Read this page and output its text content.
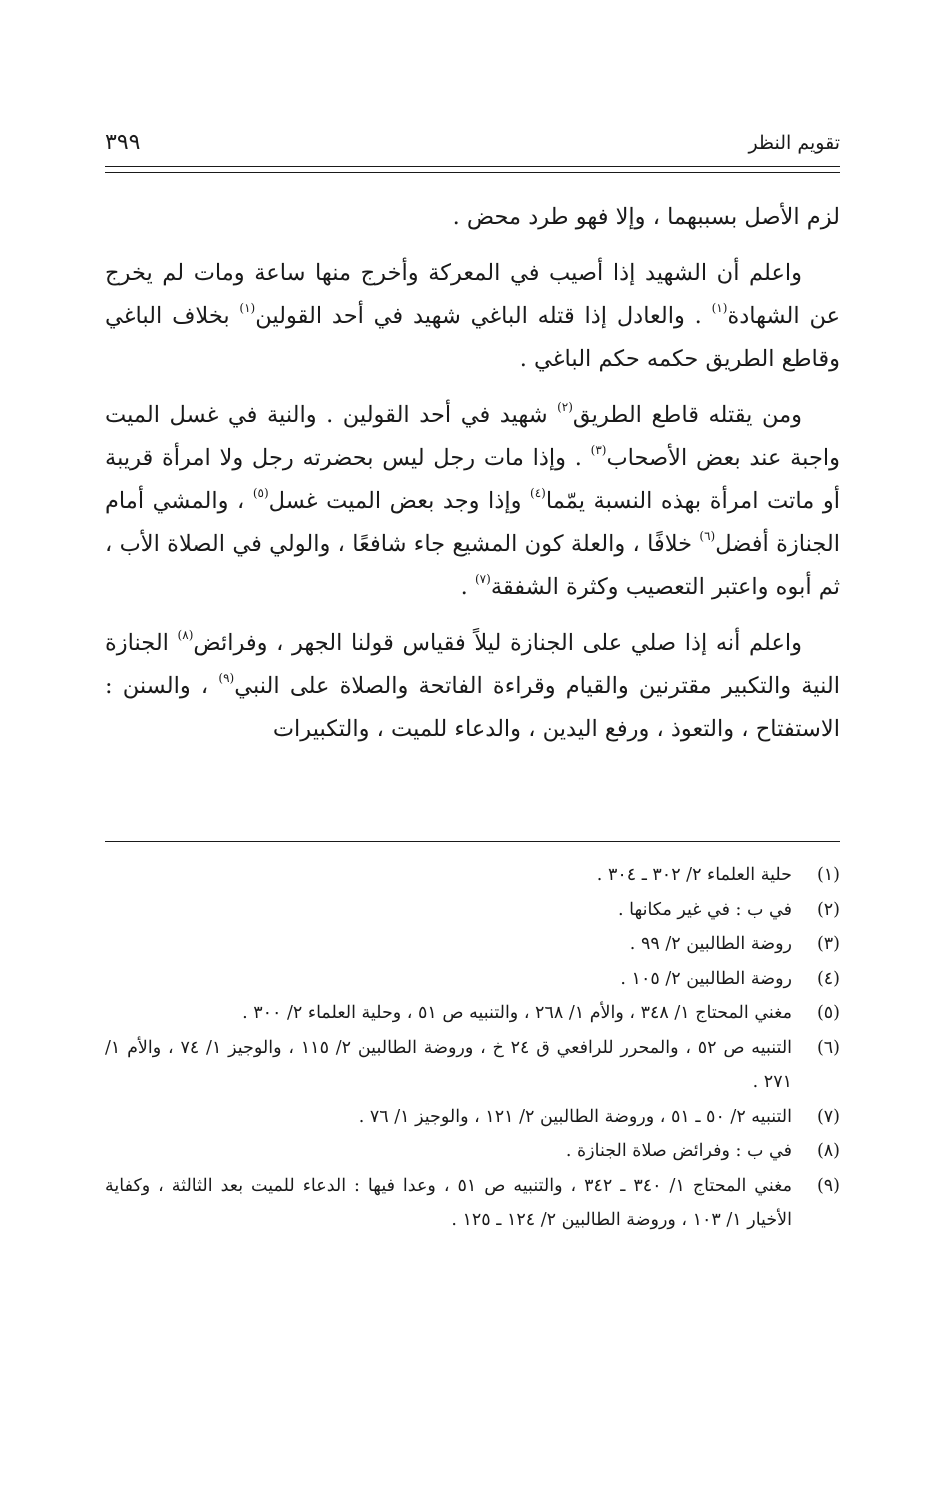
تقويم النظر
٣٩٩

لزم الأصل بسببهما ، وإلا فهو طرد محض .

واعلم أن الشهيد إذا أصيب في المعركة وأخرج منها ساعة ومات لم يخرج عن الشهادة$^{(١)}$ . والعادل إذا قتله الباغي شهيد في أحد القولين$^{(١)}$ بخلاف الباغي وقاطع الطريق حكمه حكم الباغي .

ومن يقتله قاطع الطريق$^{(٢)}$ شهيد في أحد القولين . والنية في غسل الميت واجبة عند بعض الأصحاب$^{(٣)}$ . وإذا مات رجل ليس بحضرته رجل ولا امرأة قريبة أو ماتت امرأة بهذه النسبة يمّما$^{(٤)}$ وإذا وجد بعض الميت غسل$^{(٥)}$ ، والمشي أمام الجنازة أفضل$^{(٦)}$ خلافًا ، والعلة كون المشيع جاء شافعًا ، والولي في الصلاة الأب ، ثم أبوه واعتبر التعصيب وكثرة الشفقة$^{(٧)}$ .

واعلم أنه إذا صلي على الجنازة ليلاً فقياس قولنا الجهر ، وفرائض$^{(٨)}$ الجنازة النية والتكبير مقترنين والقيام وقراءة الفاتحة والصلاة على النبي$^{(٩)}$ ، والسنن : الاستفتاح ، والتعوذ ، ورفع اليدين ، والدعاء للميت ، والتكبيرات

(١)
حلية العلماء ٢/ ٣٠٢ ـ ٣٠٤ .
(٢)
في ب : في غير مكانها .
(٣)
روضة الطالبين ٢/ ٩٩ .
(٤)
روضة الطالبين ٢/ ١٠٥ .
(٥)
مغني المحتاج ١/ ٣٤٨ ، والأم ١/ ٢٦٨ ، والتنبيه ص ٥١ ، وحلية العلماء ٢/ ٣٠٠ .
(٦)
التنبيه ص ٥٢ ، والمحرر للرافعي ق ٢٤ خ ، وروضة الطالبين ٢/ ١١٥ ، والوجيز ١/ ٧٤ ، والأم ١/ ٢٧١ .
(٧)
التنبيه ٢/ ٥٠ ـ ٥١ ، وروضة الطالبين ٢/ ١٢١ ، والوجيز ١/ ٧٦ .
(٨)
في ب : وفرائض صلاة الجنازة .
(٩)
مغني المحتاج ١/ ٣٤٠ ـ ٣٤٢ ، والتنبيه ص ٥١ ، وعدا فيها : الدعاء للميت بعد الثالثة ، وكفاية الأخيار ١/ ١٠٣ ، وروضة الطالبين ٢/ ١٢٤ ـ ١٢٥ .
